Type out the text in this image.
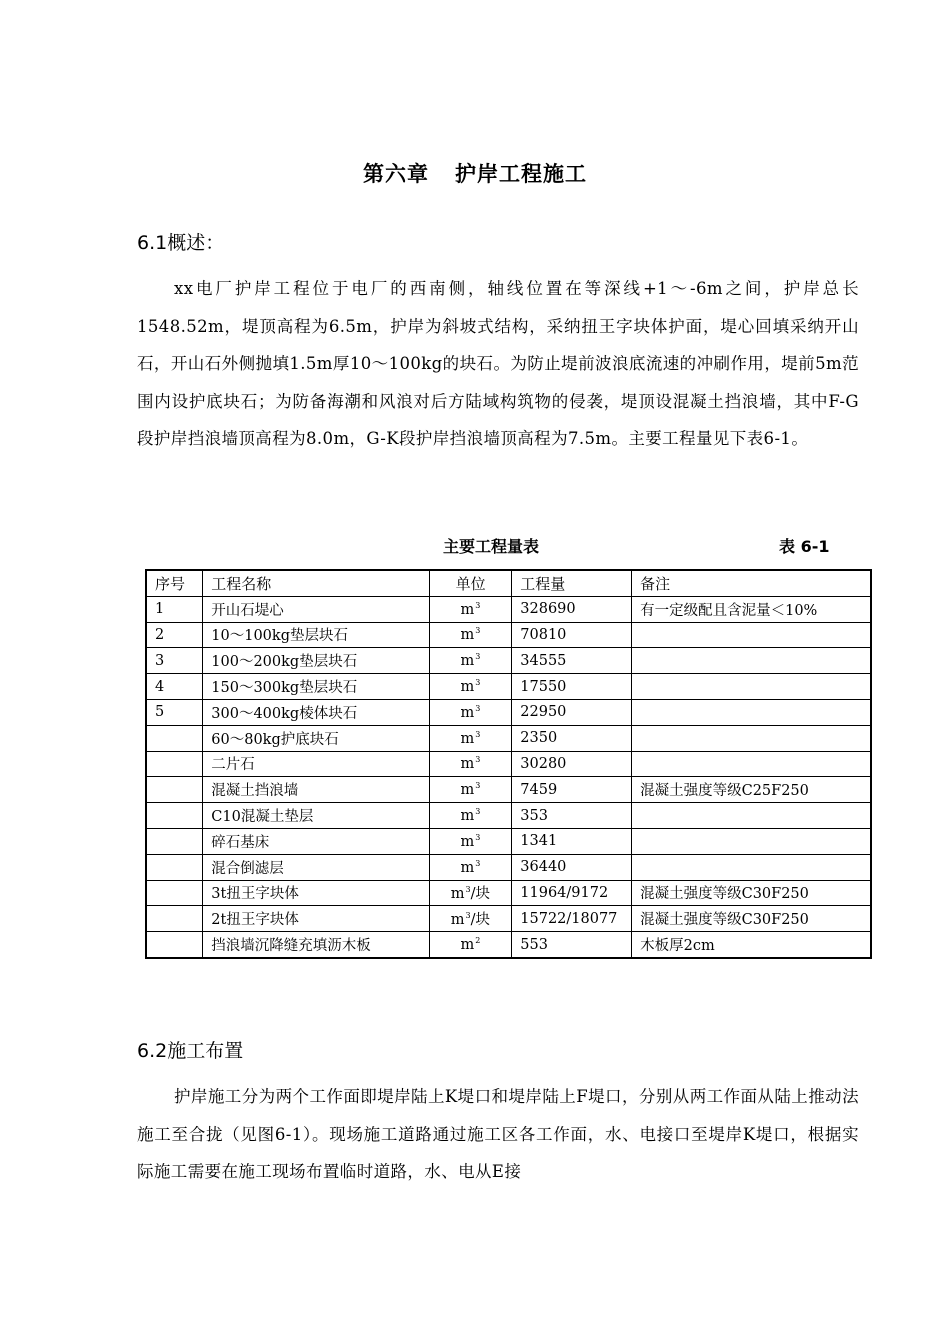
第六章 护岸工程施工
6.1概述：
xx电厂护岸工程位于电厂的西南侧，轴线位置在等深线+1～-6m之间，护岸总长1548.52m，堤顶高程为6.5m，护岸为斜坡式结构，采纳扭王字块体护面，堤心回填采纳开山石，开山石外侧抛填1.5m厚10～100kg的块石。为防止堤前波浪底流速的冲刷作用，堤前5m范围内设护底块石；为防备海潮和风浪对后方陆域构筑物的侵袭，堤顶设混凝土挡浪墙，其中F-G段护岸挡浪墙顶高程为8.0m，G-K段护岸挡浪墙顶高程为7.5m。主要工程量见下表6-1。
主要工程量表	表 6-1
序号	工程名称	单位	工程量	备注
1	开山石堤心	$m^3$	328690	有一定级配且含泥量＜10%
2	10～100kg垫层块石	$m^3$	70810	
3	100～200kg垫层块石	$m^3$	34555	
4	150～300kg垫层块石	$m^3$	17550	
5	300～400kg棱体块石	$m^3$	22950	
	60～80kg护底块石	$m^3$	2350	
	二片石	$m^3$	30280	
	混凝土挡浪墙	$m^3$	7459	混凝土强度等级C25F250
	C10混凝土垫层	$m^3$	353	
	碎石基床	$m^3$	1341	
	混合倒滤层	$m^3$	36440	
	3t扭王字块体	$m^3/$块	11964/9172	混凝土强度等级C30F250
	2t扭王字块体	$m^3/$块	15722/18077	混凝土强度等级C30F250
	挡浪墙沉降缝充填沥木板	$m^2$	553	木板厚2cm
6.2施工布置
护岸施工分为两个工作面即堤岸陆上K堤口和堤岸陆上F堤口，分别从两工作面从陆上推动法施工至合拢（见图6-1）。现场施工道路通过施工区各工作面，水、电接口至堤岸K堤口，根据实际施工需要在施工现场布置临时道路，水、电从E接
